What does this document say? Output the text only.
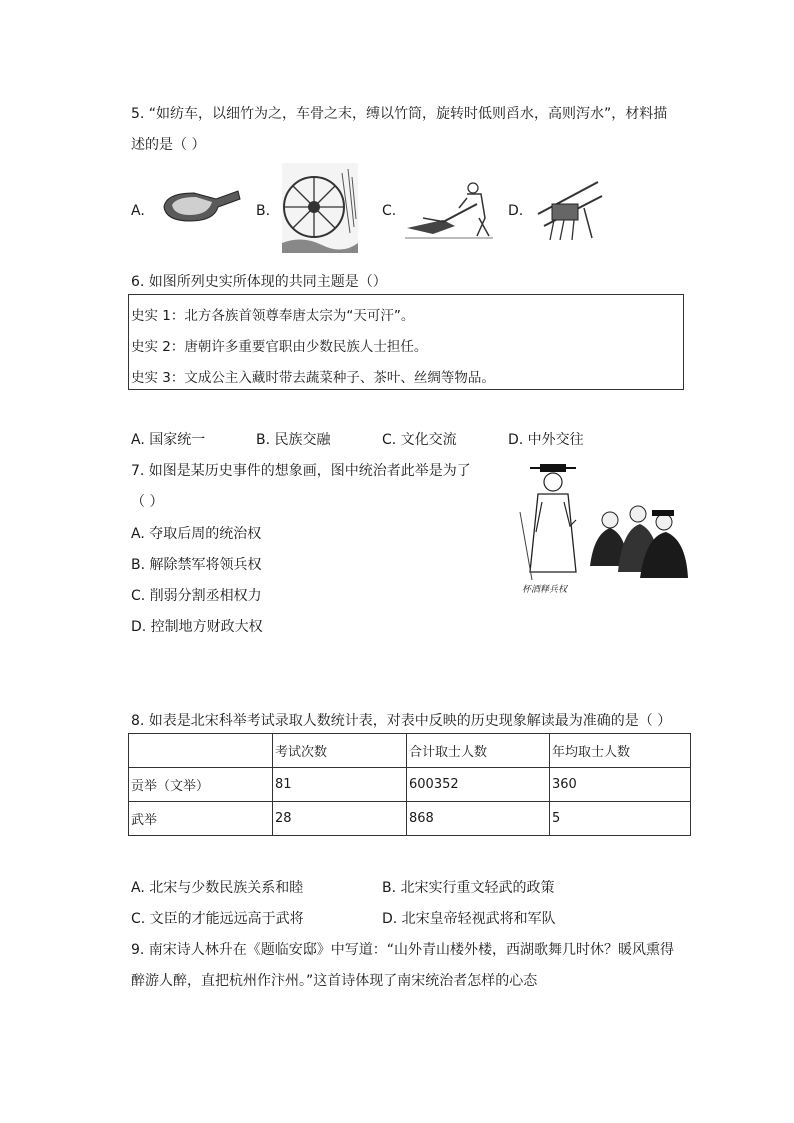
5. “如纺车，以细竹为之，车骨之末，缚以竹筒，旋转时低则舀水，高则泻水”，材料描
述的是（ ）
A.	B.	C.	D.
6. 如图所列史实所体现的共同主题是（）
史实 1：北方各族首领尊奉唐太宗为“天可汗”。
史实 2：唐朝许多重要官职由少数民族人士担任。
史实 3：文成公主入藏时带去蔬菜种子、茶叶、丝绸等物品。
A. 国家统一	B. 民族交融	C. 文化交流	D. 中外交往
7. 如图是某历史事件的想象画，图中统治者此举是为了
（ ）
A. 夺取后周的统治权
B. 解除禁军将领兵权
C. 削弱分割丞相权力
D. 控制地方财政大权
杯酒释兵权
8. 如表是北宋科举考试录取人数统计表，对表中反映的历史现象解读最为准确的是（ ）
	考试次数	合计取士人数	年均取士人数
贡举（文举）	81	600352	360
武举	28	868	5
A. 北宋与少数民族关系和睦	B. 北宋实行重文轻武的政策
C. 文臣的才能远远高于武将	D. 北宋皇帝轻视武将和军队
9. 南宋诗人林升在《题临安邸》中写道：“山外青山楼外楼，西湖歌舞几时休？暖风熏得
醉游人醉，直把杭州作汴州。”这首诗体现了南宋统治者怎样的心态
